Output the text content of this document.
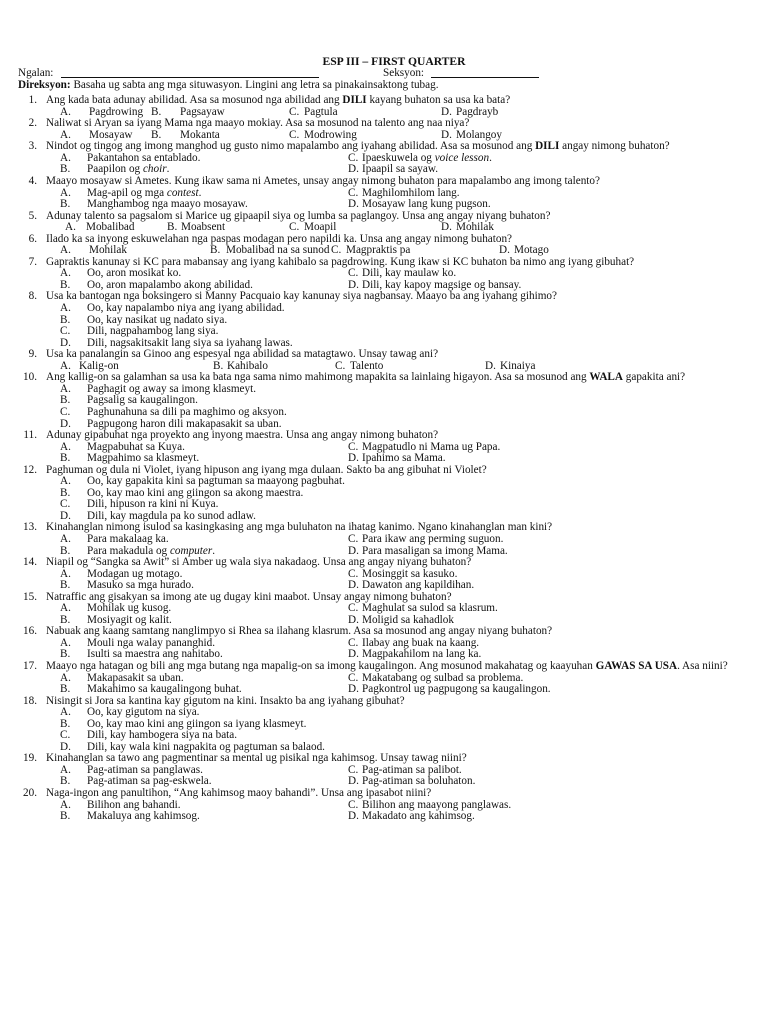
ESP III – FIRST QUARTER
Ngalan:	Seksyon:
Direksyon: Basaha ug sabta ang mga situwasyon. Lingini ang letra sa pinakainsaktong tubag.
1. Ang kada bata adunay abilidad. Asa sa mosunod nga abilidad ang DILI kayang buhaton sa usa ka bata?
A. Pagdrowing B.	Pagsayaw	C. Pagtula	D. Pagdrayb
2. Naliwat si Aryan sa iyang Mama nga maayo mokiay. Asa sa mosunod na talento ang naa niya?
A. Mosayaw B.	Mokanta	C. Modrowing	D. Molangoy
3. Nindot og tingog ang imong manghod ug gusto nimo mapalambo ang iyahang abilidad. Asa sa mosunod ang DILI angay nimong buhaton?
A. Pakantahon sa entablado.	C. Ipaeskuwela og voice lesson.
B.	Paapilon og choir.	D. Ipaapil sa sayaw.
4. Maayo mosayaw si Ametes. Kung ikaw sama ni Ametes, unsay angay nimong buhaton para mapalambo ang imong talento?
A. Mag-apil og mga contest.	C. Maghilomhilom lang.
B.	Manghambog nga maayo mosayaw.	D. Mosayaw lang kung pugson.
5. Adunay talento sa pagsalom si Marice ug gipaapil siya og lumba sa paglangoy. Unsa ang angay niyang buhaton?
A. Mobalibad	B. Moabsent	C. Moapil	D. Mohilak
6. Ilado ka sa inyong eskuwelahan nga paspas modagan pero napildi ka. Unsa ang angay nimong buhaton?
A. Mohilak	B. Mobalibad na sa sunod C. Magpraktis pa	D. Motago
7. Gapraktis kanunay si KC para mabansay ang iyang kahibalo sa pagdrowing. Kung ikaw si KC buhaton ba nimo ang iyang gibuhat?
A. Oo, aron mosikat ko.	C. Dili, kay maulaw ko.
B.	Oo, aron mapalambo akong abilidad.	D. Dili, kay kapoy magsige og bansay.
8. Usa ka bantogan nga boksingero si Manny Pacquaio kay kanunay siya nagbansay. Maayo ba ang iyahang gihimo?
A. Oo, kay napalambo niya ang iyang abilidad.
B.	Oo, kay nasikat ug nadato siya.
C.	Dili, nagpahambog lang siya.
D. Dili, nagsakitsakit lang siya sa iyahang lawas.
9. Usa ka panalangin sa Ginoo ang espesyal nga abilidad sa matagtawo. Unsay tawag ani?
A. Kalig-on	B. Kahibalo	C. Talento	D. Kinaiya
10. Ang kallig-on sa galamhan sa usa ka bata nga sama nimo mahimong mapakita sa lainlaing higayon. Asa sa mosunod ang WALA gapakita ani?
A. Paghagit og away sa imong klasmeyt.
B.	Pagsalig sa kaugalingon.
C.	Paghunahuna sa dili pa maghimo og aksyon.
D. Pagpugong haron dili makapasakit sa uban.
11. Adunay gipabuhat nga proyekto ang inyong maestra. Unsa ang angay nimong buhaton?
A. Magpabuhat sa Kuya.	C. Magpatudlo ni Mama ug Papa.
B.	Magpahimo sa klasmeyt.	D. Ipahimo sa Mama.
12. Paghuman og dula ni Violet, iyang hipuson ang iyang mga dulaan. Sakto ba ang gibuhat ni Violet?
A. Oo, kay gapakita kini sa pagtuman sa maayong pagbuhat.
B.	Oo, kay mao kini ang giingon sa akong maestra.
C.	Dili, hipuson ra kini ni Kuya.
D. Dili, kay magdula pa ko sunod adlaw.
13. Kinahanglan nimong isulod sa kasingkasing ang mga buluhaton na ihatag kanimo. Ngano kinahanglan man kini?
A. Para makalaag ka.	C. Para ikaw ang perming suguon.
B.	Para makadula og computer.	D. Para masaligan sa imong Mama.
14. Niapil og “Sangka sa Awit” si Amber ug wala siya nakadaog. Unsa ang angay niyang buhaton?
A. Modagan ug motago.	C. Mosinggit sa kasuko.
B.	Masuko sa mga hurado.	D. Dawaton ang kapildihan.
15. Natraffic ang gisakyan sa imong ate ug dugay kini maabot. Unsay angay nimong buhaton?
A. Mohilak ug kusog.	C. Maghulat sa sulod sa klasrum.
B.	Mosiyagit og kalit.	D. Moligid sa kahadlok
16. Nabuak ang kaang samtang nanglimpyo si Rhea sa ilahang klasrum. Asa sa mosunod ang angay niyang buhaton?
A. Mouli nga walay pananghid.	C. Ilabay ang buak na kaang.
B.	Isulti sa maestra ang nahitabo.	D. Magpakahilom na lang ka.
17. Maayo nga hatagan og bili ang mga butang nga mapalig-on sa imong kaugalingon. Ang mosunod makahatag og kaayuhan GAWAS SA USA. Asa niini?
A. Makapasakit sa uban.	C. Makatabang og sulbad sa problema.
B.	Makahimo sa kaugalingong buhat.	D. Pagkontrol ug pagpugong sa kaugalingon.
18. Nisingit si Jora sa kantina kay gigutom na kini. Insakto ba ang iyahang gibuhat?
A. Oo, kay gigutom na siya.
B.	Oo, kay mao kini ang giingon sa iyang klasmeyt.
C.	Dili, kay hambogera siya na bata.
D. Dili, kay wala kini nagpakita og pagtuman sa balaod.
19. Kinahanglan sa tawo ang pagmentinar sa mental ug pisikal nga kahimsog. Unsay tawag niini?
A. Pag-atiman sa panglawas.	C. Pag-atiman sa palibot.
B.	Pag-atiman sa pag-eskwela.	D. Pag-atiman sa boluhaton.
20. Naga-ingon ang panultihon, “Ang kahimsog maoy bahandi”. Unsa ang ipasabot niini?
A. Bilihon ang bahandi.	C. Bilihon ang maayong panglawas.
B.	Makaluya ang kahimsog.	D. Makadato ang kahimsog.
